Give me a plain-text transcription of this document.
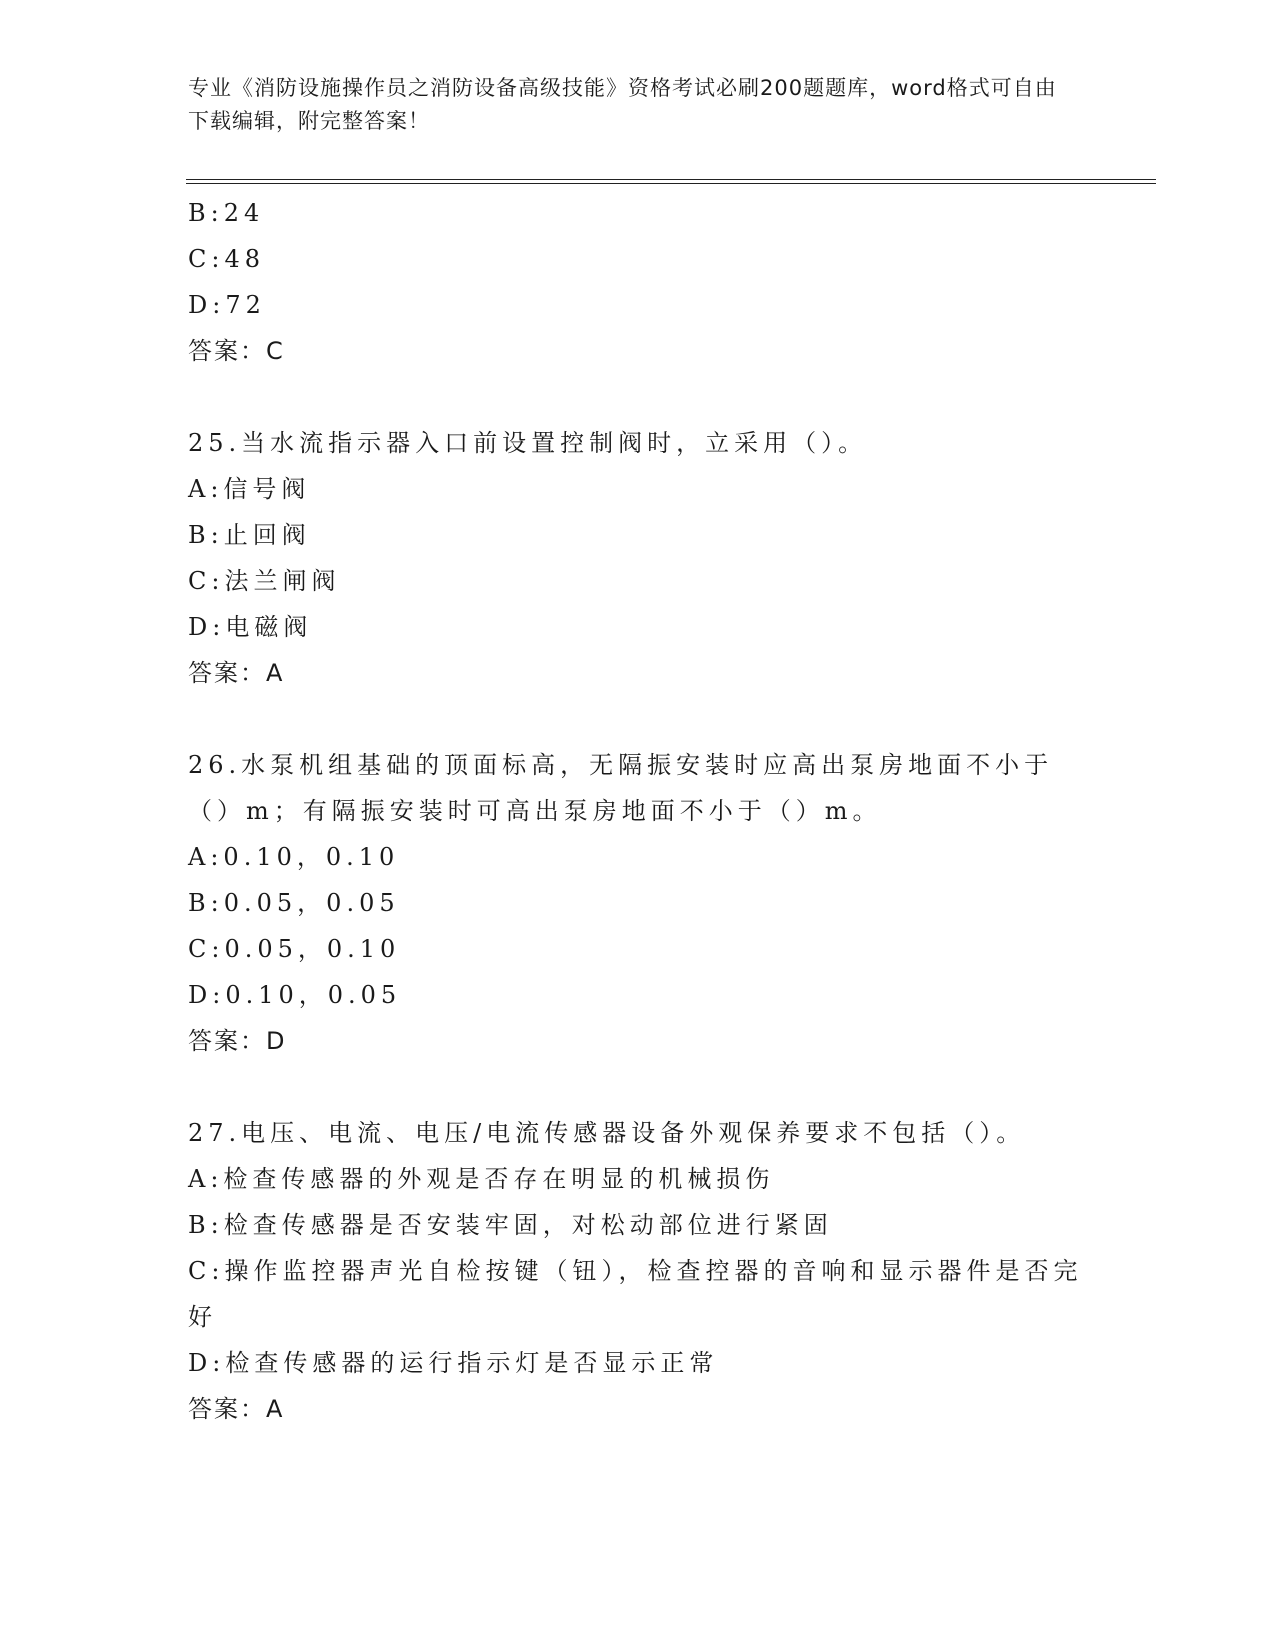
专业《消防设施操作员之消防设备高级技能》资格考试必刷200题题库，word格式可自由下载编辑，附完整答案！
B:24
C:48
D:72
答案：C
25.当水流指示器入口前设置控制阀时，立采用（）。
A:信号阀
B:止回阀
C:法兰闸阀
D:电磁阀
答案：A
26.水泵机组基础的顶面标高，无隔振安装时应高出泵房地面不小于（）m；有隔振安装时可高出泵房地面不小于（）m。
A:0.10，0.10
B:0.05，0.05
C:0.05，0.10
D:0.10，0.05
答案：D
27.电压、电流、电压/电流传感器设备外观保养要求不包括（）。
A:检查传感器的外观是否存在明显的机械损伤
B:检查传感器是否安装牢固，对松动部位进行紧固
C:操作监控器声光自检按键（钮），检查控器的音响和显示器件是否完好
D:检查传感器的运行指示灯是否显示正常
答案：A
